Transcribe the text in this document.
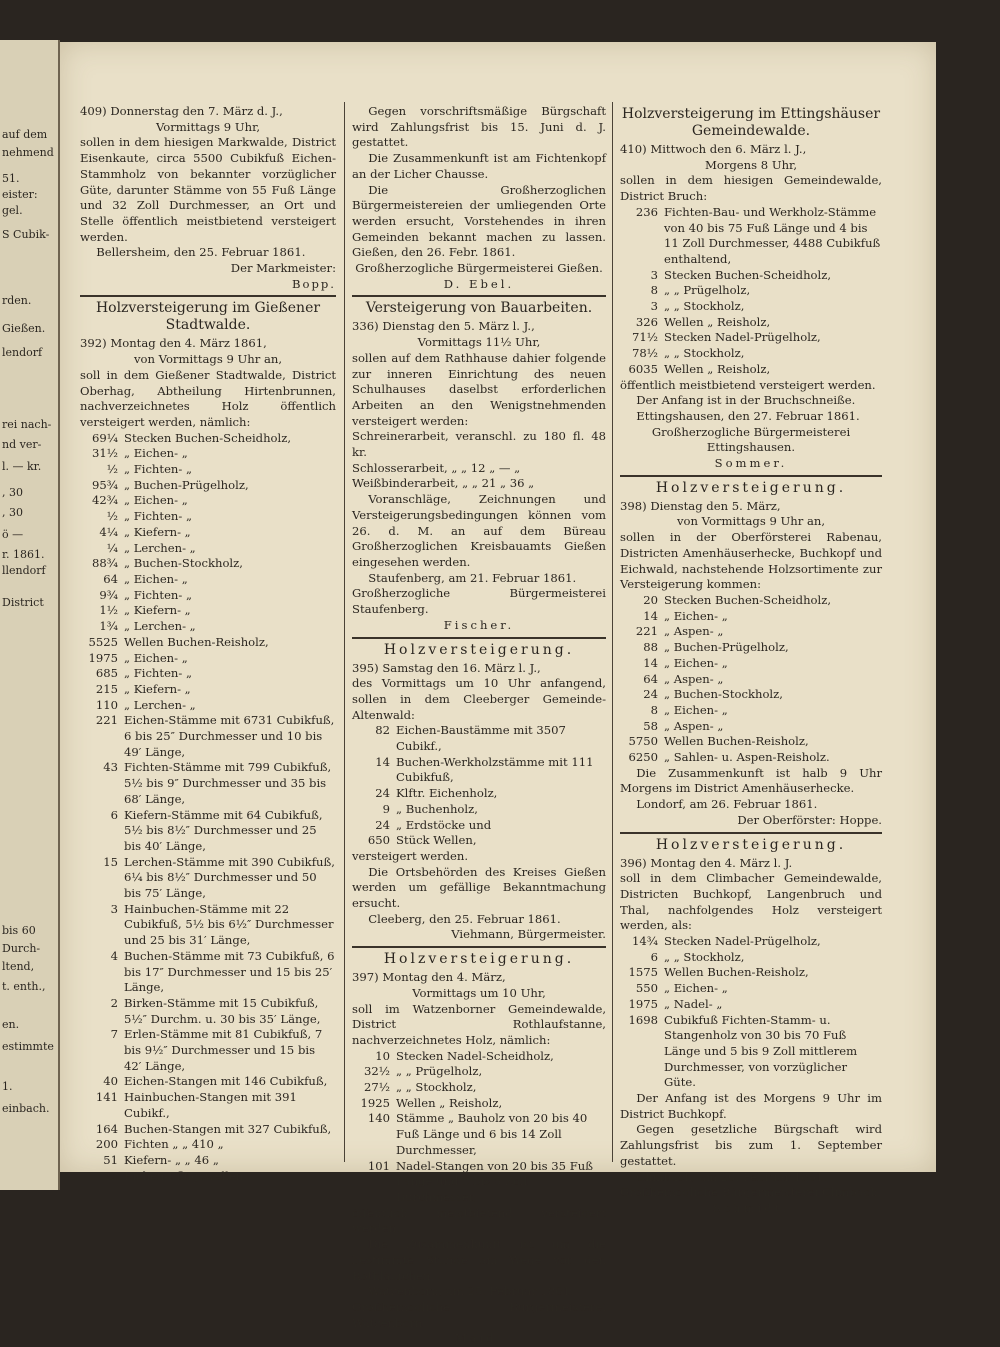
auf dem
nehmend
51.
eister:
gel.
S Cubik-
rden.
Gießen.
lendorf
rei nach-
nd ver-
l. — kr.
, 30
, 30
ö —
r. 1861.
llendorf
District
bis 60
Durch-
ltend,
t. enth.,
en.
estimmte
1.
einbach.

409) Donnerstag den 7. März d. J.,

Vormittags 9 Uhr,

sollen in dem hiesigen Markwalde, District Eisenkaute, circa 5500 Cubikfuß Eichen-Stammholz von bekannter vorzüglicher Güte, darunter Stämme von 55 Fuß Länge und 32 Zoll Durchmesser, an Ort und Stelle öffentlich meistbietend versteigert werden.

Bellersheim, den 25. Februar 1861.

Der Markmeister:

Bopp.

Holzversteigerung im Gießener Stadtwalde.

392) Montag den 4. März 1861,

von Vormittags 9 Uhr an,

soll in dem Gießener Stadtwalde, District Oberhag, Abtheilung Hirtenbrunnen, nachverzeichnetes Holz öffentlich versteigert werden, nämlich:

69¼ Stecken Buchen-Scheidholz,
31½ „ Eichen- „
½ „ Fichten- „
95¾ „ Buchen-Prügelholz,
42¾ „ Eichen- „
½ „ Fichten- „
4¼ „ Kiefern- „
¼ „ Lerchen- „
88¾ „ Buchen-Stockholz,
64 „ Eichen- „
9¾ „ Fichten- „
1½ „ Kiefern- „
1¾ „ Lerchen- „
5525 Wellen Buchen-Reisholz,
1975 „ Eichen- „
685 „ Fichten- „
215 „ Kiefern- „
110 „ Lerchen- „
221 Eichen-Stämme mit 6731 Cubikfuß, 6 bis 25″ Durchmesser und 10 bis 49′ Länge,
43 Fichten-Stämme mit 799 Cubikfuß, 5½ bis 9″ Durchmesser und 35 bis 68′ Länge,
6 Kiefern-Stämme mit 64 Cubikfuß, 5½ bis 8½″ Durchmesser und 25 bis 40′ Länge,
15 Lerchen-Stämme mit 390 Cubikfuß, 6¼ bis 8½″ Durchmesser und 50 bis 75′ Länge,
3 Hainbuchen-Stämme mit 22 Cubikfuß, 5½ bis 6½″ Durchmesser und 25 bis 31′ Länge,
4 Buchen-Stämme mit 73 Cubikfuß, 6 bis 17″ Durchmesser und 15 bis 25′ Länge,
2 Birken-Stämme mit 15 Cubikfuß, 5½″ Durchm. u. 30 bis 35′ Länge,
7 Erlen-Stämme mit 81 Cubikfuß, 7 bis 9½″ Durchmesser und 15 bis 42′ Länge,
40 Eichen-Stangen mit 146 Cubikfuß,
141 Hainbuchen-Stangen mit 391 Cubikf.,
164 Buchen-Stangen mit 327 Cubikfuß,
200 Fichten „ „ 410 „
51 Kiefern- „ „ 46 „
22 Eichen-Pflugswellen.

Gegen vorschriftsmäßige Bürgschaft wird Zahlungsfrist bis 15. Juni d. J. gestattet.

Die Zusammenkunft ist am Fichtenkopf an der Licher Chausse.

Die Großherzoglichen Bürgermeistereien der umliegenden Orte werden ersucht, Vorstehendes in ihren Gemeinden bekannt machen zu lassen. Gießen, den 26. Febr. 1861.

Großherzogliche Bürgermeisterei Gießen.

D. Ebel.

Versteigerung von Bauarbeiten.

336) Dienstag den 5. März l. J.,

Vormittags 11½ Uhr,

sollen auf dem Rathhause dahier folgende zur inneren Einrichtung des neuen Schulhauses daselbst erforderlichen Arbeiten an den Wenigstnehmenden versteigert werden:

Schreinerarbeit, veranschl. zu 180 fl. 48 kr.

Schlosserarbeit, „ „ 12 „ — „

Weißbinderarbeit, „ „ 21 „ 36 „

Voranschläge, Zeichnungen und Versteigerungsbedingungen können vom 26. d. M. an auf dem Büreau Großherzoglichen Kreisbauamts Gießen eingesehen werden.

Staufenberg, am 21. Februar 1861.

Großherzogliche Bürgermeisterei Staufenberg.

Fischer.

Holzversteigerung.

395) Samstag den 16. März l. J.,

des Vormittags um 10 Uhr anfangend, sollen in dem Cleeberger Gemeinde-Altenwald:

82 Eichen-Baustämme mit 3507 Cubikf.,
14 Buchen-Werkholzstämme mit 111 Cubikfuß,
24 Klftr. Eichenholz,
9 „ Buchenholz,
24 „ Erdstöcke und
650 Stück Wellen,

versteigert werden.

Die Ortsbehörden des Kreises Gießen werden um gefällige Bekanntmachung ersucht.

Cleeberg, den 25. Februar 1861.

Viehmann, Bürgermeister.

Holzversteigerung.

397) Montag den 4. März,

Vormittags um 10 Uhr,

soll im Watzenborner Gemeindewalde, District Rothlaufstanne, nachverzeichnetes Holz, nämlich:

10 Stecken Nadel-Scheidholz,
32½ „ „ Prügelholz,
27½ „ „ Stockholz,
1925 Wellen „ Reisholz,
140 Stämme „ Bauholz von 20 bis 40 Fuß Länge und 6 bis 14 Zoll Durchmesser,
101 Nadel-Stangen von 20 bis 35 Fuß Länge und 3 bis 5 Zoll Durchmesser,

öffentlich meistbietend versteigert werden.

Die Zusammenkunft ist um die bestimmte Stunde am Wege vor den Rothläufchen.

Watzenborn, am 25. Februar 1861.

Großherzogliche Bürgermeisterei Watzenborn.

Maid.

Holzversteigerung im Ettingshäuser Gemeindewalde.

410) Mittwoch den 6. März l. J.,

Morgens 8 Uhr,

sollen in dem hiesigen Gemeindewalde, District Bruch:

236 Fichten-Bau- und Werkholz-Stämme von 40 bis 75 Fuß Länge und 4 bis 11 Zoll Durchmesser, 4488 Cubikfuß enthaltend,
3 Stecken Buchen-Scheidholz,
8 „ „ Prügelholz,
3 „ „ Stockholz,
326 Wellen „ Reisholz,
71½ Stecken Nadel-Prügelholz,
78½ „ „ Stockholz,
6035 Wellen „ Reisholz,

öffentlich meistbietend versteigert werden.

Der Anfang ist in der Bruchschneiße.

Ettingshausen, den 27. Februar 1861.

Großherzogliche Bürgermeisterei Ettingshausen.

Sommer.

Holzversteigerung.

398) Dienstag den 5. März,

von Vormittags 9 Uhr an,

sollen in der Oberförsterei Rabenau, Districten Amenhäuserhecke, Buchkopf und Eichwald, nachstehende Holzsortimente zur Versteigerung kommen:

20 Stecken Buchen-Scheidholz,
14 „ Eichen- „
221 „ Aspen- „
88 „ Buchen-Prügelholz,
14 „ Eichen- „
64 „ Aspen- „
24 „ Buchen-Stockholz,
8 „ Eichen- „
58 „ Aspen- „
5750 Wellen Buchen-Reisholz,
6250 „ Sahlen- u. Aspen-Reisholz.

Die Zusammenkunft ist halb 9 Uhr Morgens im District Amenhäuserhecke.

Londorf, am 26. Februar 1861.

Der Oberförster: Hoppe.

Holzversteigerung.

396) Montag den 4. März l. J.

soll in dem Climbacher Gemeindewalde, Districten Buchkopf, Langenbruch und Thal, nachfolgendes Holz versteigert werden, als:

14¾ Stecken Nadel-Prügelholz,
6 „ „ Stockholz,
1575 Wellen Buchen-Reisholz,
550 „ Eichen- „
1975 „ Nadel- „
1698 Cubikfuß Fichten-Stamm- u. Stangenholz von 30 bis 70 Fuß Länge und 5 bis 9 Zoll mittlerem Durchmesser, von vorzüglicher Güte.

Der Anfang ist des Morgens 9 Uhr im District Buchkopf.

Gegen gesetzliche Bürgschaft wird Zahlungsfrist bis zum 1. September gestattet.

Climbach, am 20. Februar 1861.

Großherzogliche Bürgermeisterei Climbach.

Schmidt.
